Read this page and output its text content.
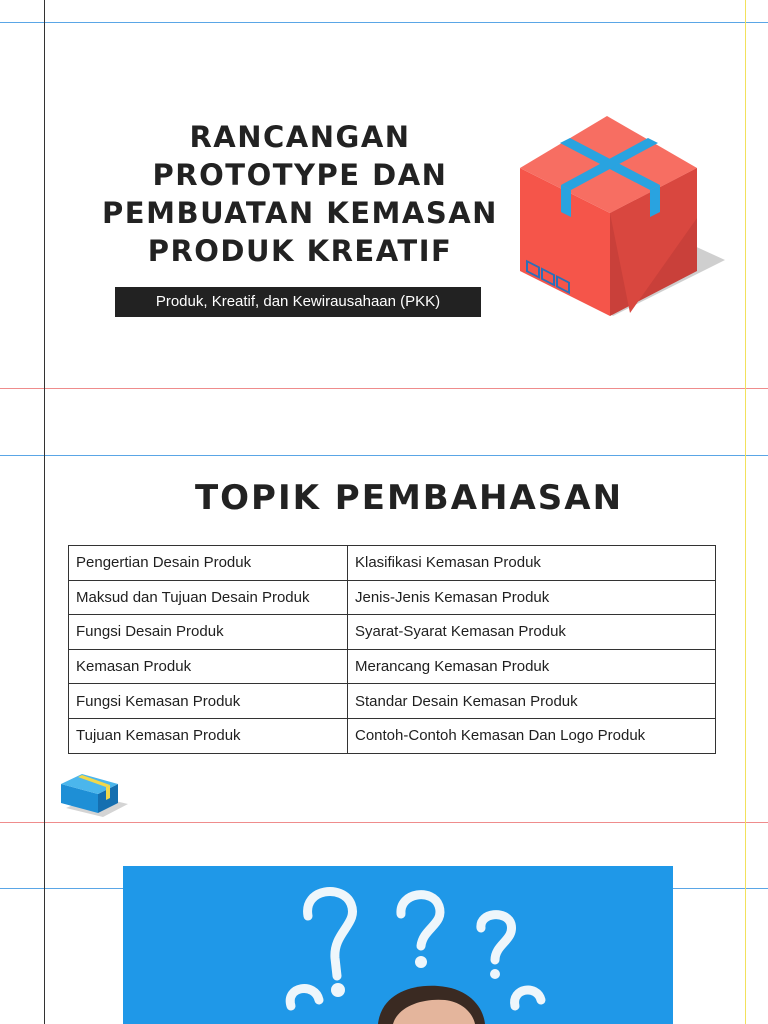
RANCANGAN
PROTOTYPE DAN
PEMBUATAN KEMASAN
PRODUK KREATIF
Produk, Kreatif, dan Kewirausahaan (PKK)
TOPIK PEMBAHASAN
Pengertian Desain Produk	Klasifikasi Kemasan Produk
Maksud dan Tujuan Desain Produk	Jenis-Jenis Kemasan Produk
Fungsi Desain Produk	Syarat-Syarat Kemasan Produk
Kemasan Produk	Merancang Kemasan Produk
Fungsi Kemasan Produk	Standar Desain Kemasan Produk
Tujuan Kemasan Produk	Contoh-Contoh Kemasan Dan Logo Produk
